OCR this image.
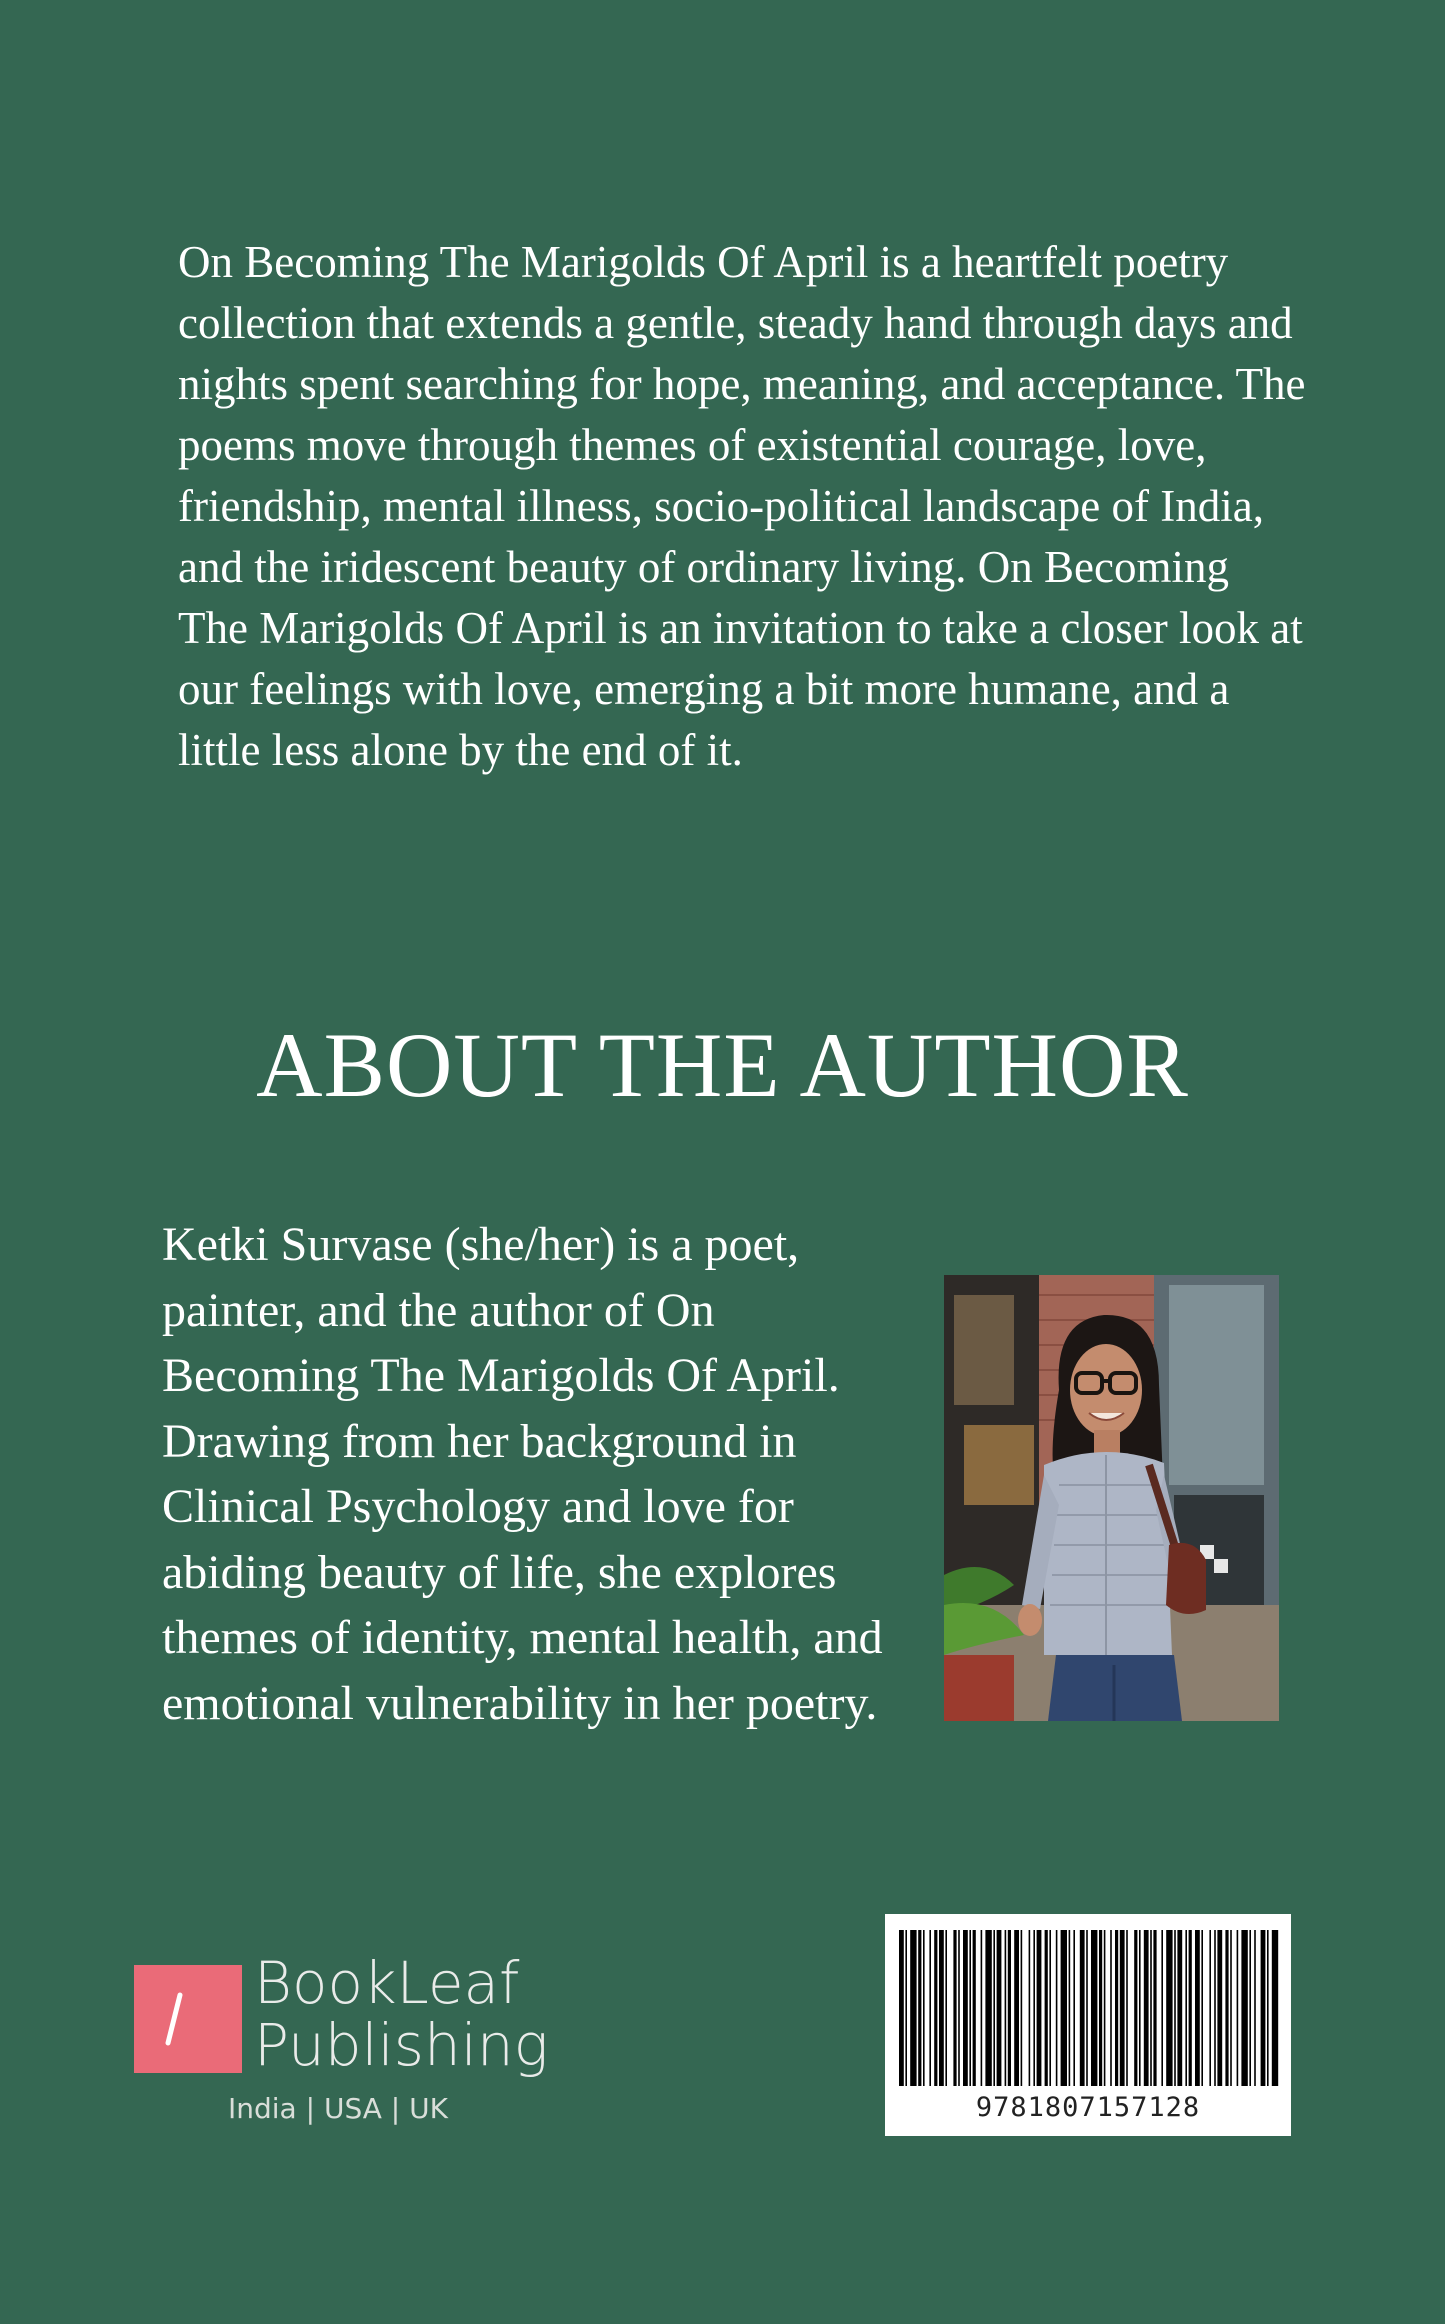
On Becoming The Marigolds Of April is a heartfelt poetry collection that extends a gentle, steady hand through days and nights spent searching for hope, meaning, and acceptance. The poems move through themes of existential courage, love, friendship, mental illness, socio-political landscape of India, and the iridescent beauty of ordinary living. On Becoming The Marigolds Of April is an invitation to take a closer look at our feelings with love, emerging a bit more humane, and a little less alone by the end of it.

ABOUT THE AUTHOR

Ketki Survase (she/her) is a poet, painter, and the author of On Becoming The Marigolds Of April. Drawing from her background in Clinical Psychology and love for abiding beauty of life, she explores themes of identity, mental health, and emotional vulnerability in her poetry.

BookLeaf
Publishing
India | USA | UK	9781807157128
